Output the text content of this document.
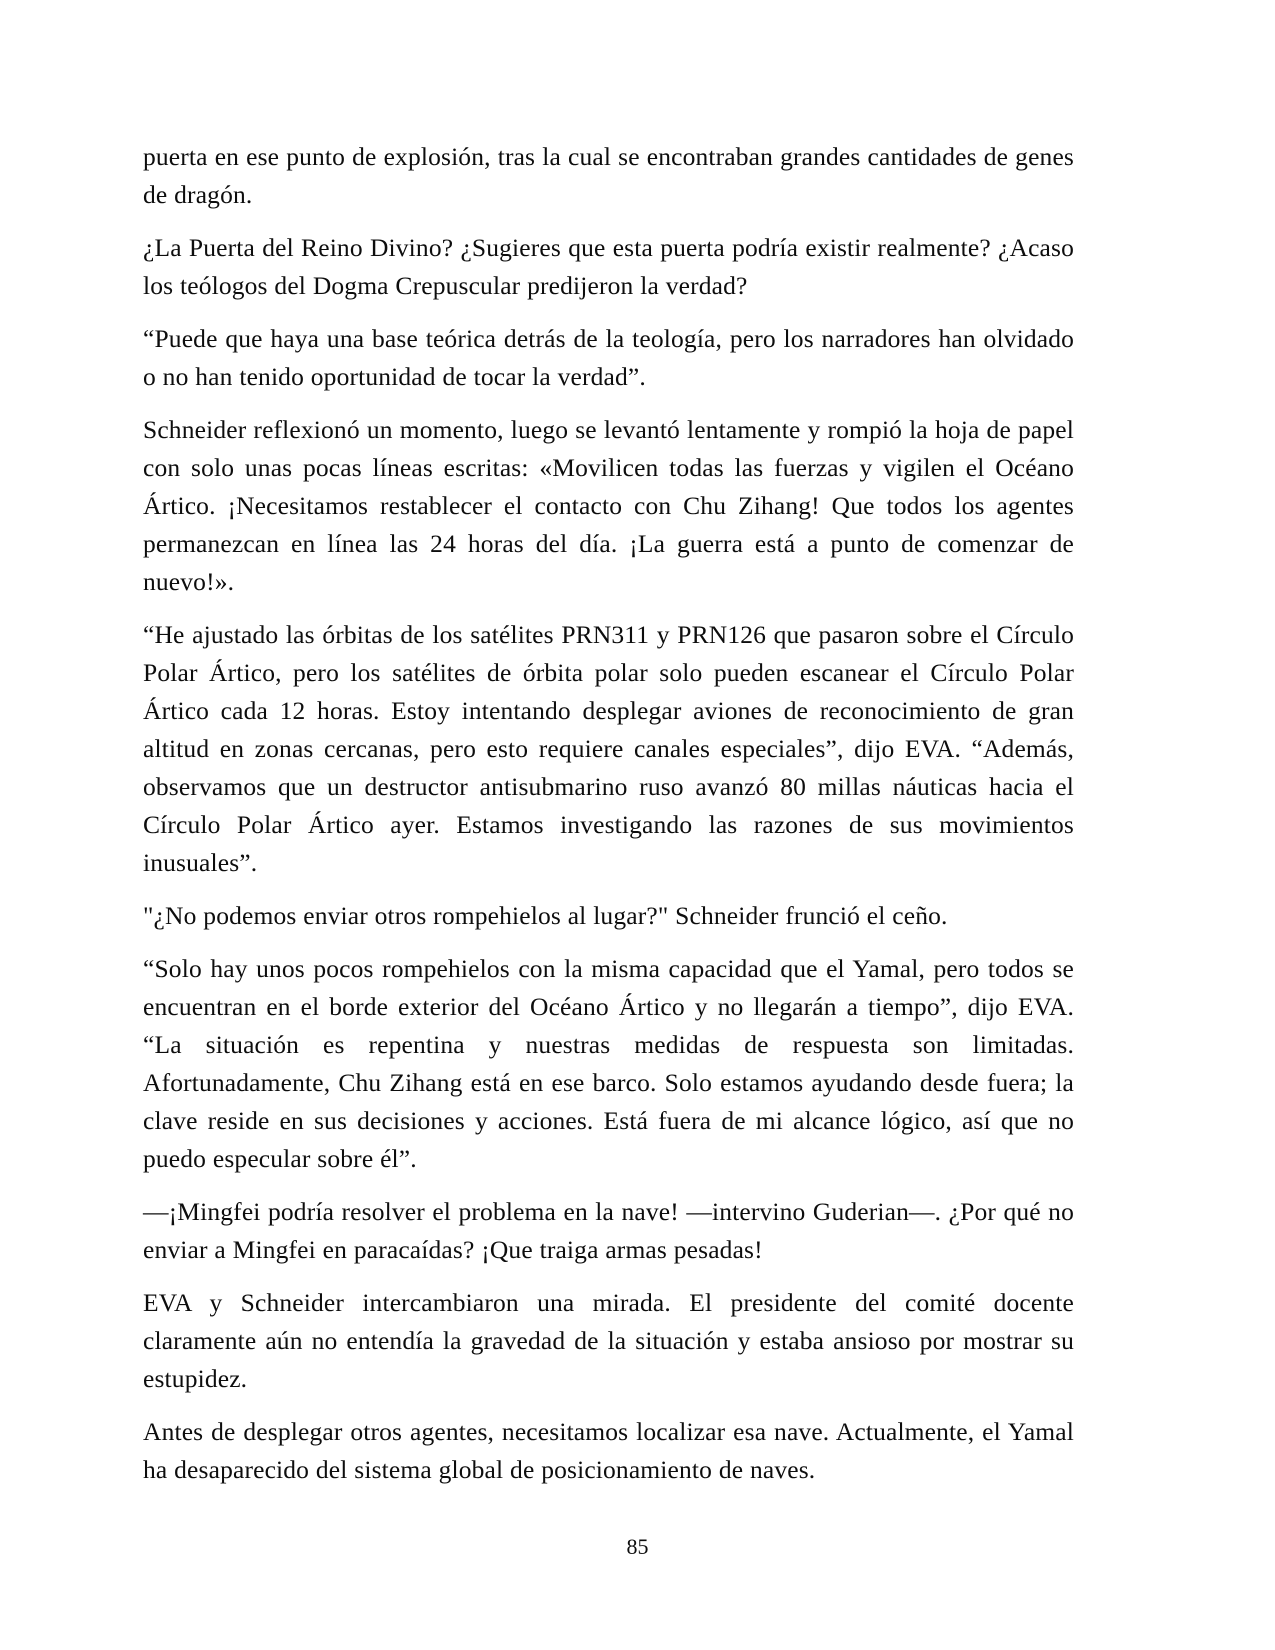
puerta en ese punto de explosión, tras la cual se encontraban grandes cantidades de genes de dragón.

¿La Puerta del Reino Divino? ¿Sugieres que esta puerta podría existir realmente? ¿Acaso los teólogos del Dogma Crepuscular predijeron la verdad?

“Puede que haya una base teórica detrás de la teología, pero los narradores han olvidado o no han tenido oportunidad de tocar la verdad”.

Schneider reflexionó un momento, luego se levantó lentamente y rompió la hoja de papel con solo unas pocas líneas escritas: «Movilicen todas las fuerzas y vigilen el Océano Ártico. ¡Necesitamos restablecer el contacto con Chu Zihang! Que todos los agentes permanezcan en línea las 24 horas del día. ¡La guerra está a punto de comenzar de nuevo!».

“He ajustado las órbitas de los satélites PRN311 y PRN126 que pasaron sobre el Círculo Polar Ártico, pero los satélites de órbita polar solo pueden escanear el Círculo Polar Ártico cada 12 horas. Estoy intentando desplegar aviones de reconocimiento de gran altitud en zonas cercanas, pero esto requiere canales especiales”, dijo EVA. “Además, observamos que un destructor antisubmarino ruso avanzó 80 millas náuticas hacia el Círculo Polar Ártico ayer. Estamos investigando las razones de sus movimientos inusuales”.

"¿No podemos enviar otros rompehielos al lugar?" Schneider frunció el ceño.

“Solo hay unos pocos rompehielos con la misma capacidad que el Yamal, pero todos se encuentran en el borde exterior del Océano Ártico y no llegarán a tiempo”, dijo EVA. “La situación es repentina y nuestras medidas de respuesta son limitadas. Afortunadamente, Chu Zihang está en ese barco. Solo estamos ayudando desde fuera; la clave reside en sus decisiones y acciones. Está fuera de mi alcance lógico, así que no puedo especular sobre él”.

—¡Mingfei podría resolver el problema en la nave! —intervino Guderian—. ¿Por qué no enviar a Mingfei en paracaídas? ¡Que traiga armas pesadas!

EVA y Schneider intercambiaron una mirada. El presidente del comité docente claramente aún no entendía la gravedad de la situación y estaba ansioso por mostrar su estupidez.

Antes de desplegar otros agentes, necesitamos localizar esa nave. Actualmente, el Yamal ha desaparecido del sistema global de posicionamiento de naves.

85
